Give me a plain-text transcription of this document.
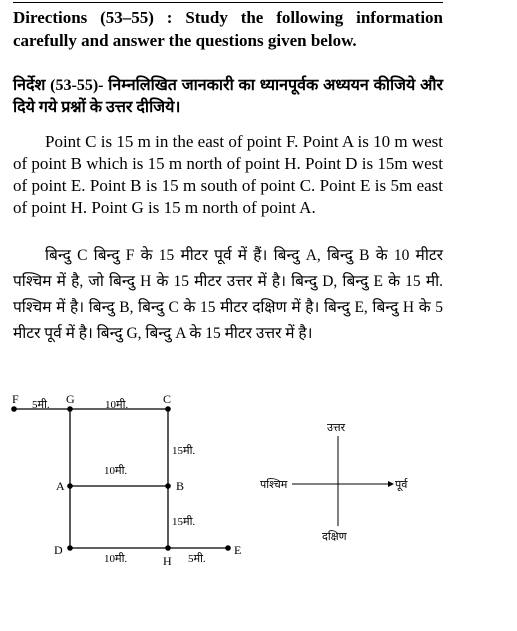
Directions (53–55) : Study the following information carefully and answer the questions given below.

निर्देश (53-55)- निम्नलिखित जानकारी का ध्यानपूर्वक अध्ययन कीजिये और दिये गये प्रश्नों के उत्तर दीजिये।

Point C is 15 m in the east of point F. Point A is 10 m west of point B which is 15 m north of point H. Point D is 15m west of point E. Point B is 15 m south of point C. Point E is 5m east of point H. Point G is 15 m north of point A.

बिन्दु C बिन्दु F के 15 मीटर पूर्व में हैं। बिन्दु A, बिन्दु B के 10 मीटर पश्चिम में है, जो बिन्दु H के 15 मीटर उत्तर में है। बिन्दु D, बिन्दु E के 15 मी. पश्चिम में है। बिन्दु B, बिन्दु C के 15 मीटर दक्षिण में है। बिन्दु E, बिन्दु H के 5 मीटर पूर्व में है। बिन्दु G, बिन्दु A के 15 मीटर उत्तर में है।

F	G	C
A	B
D
H
E
5मी.	10मी.
15मी.
10मी.
15मी.
10मी.	5मी.
उत्तर
दक्षिण
पश्चिम	पूर्व
